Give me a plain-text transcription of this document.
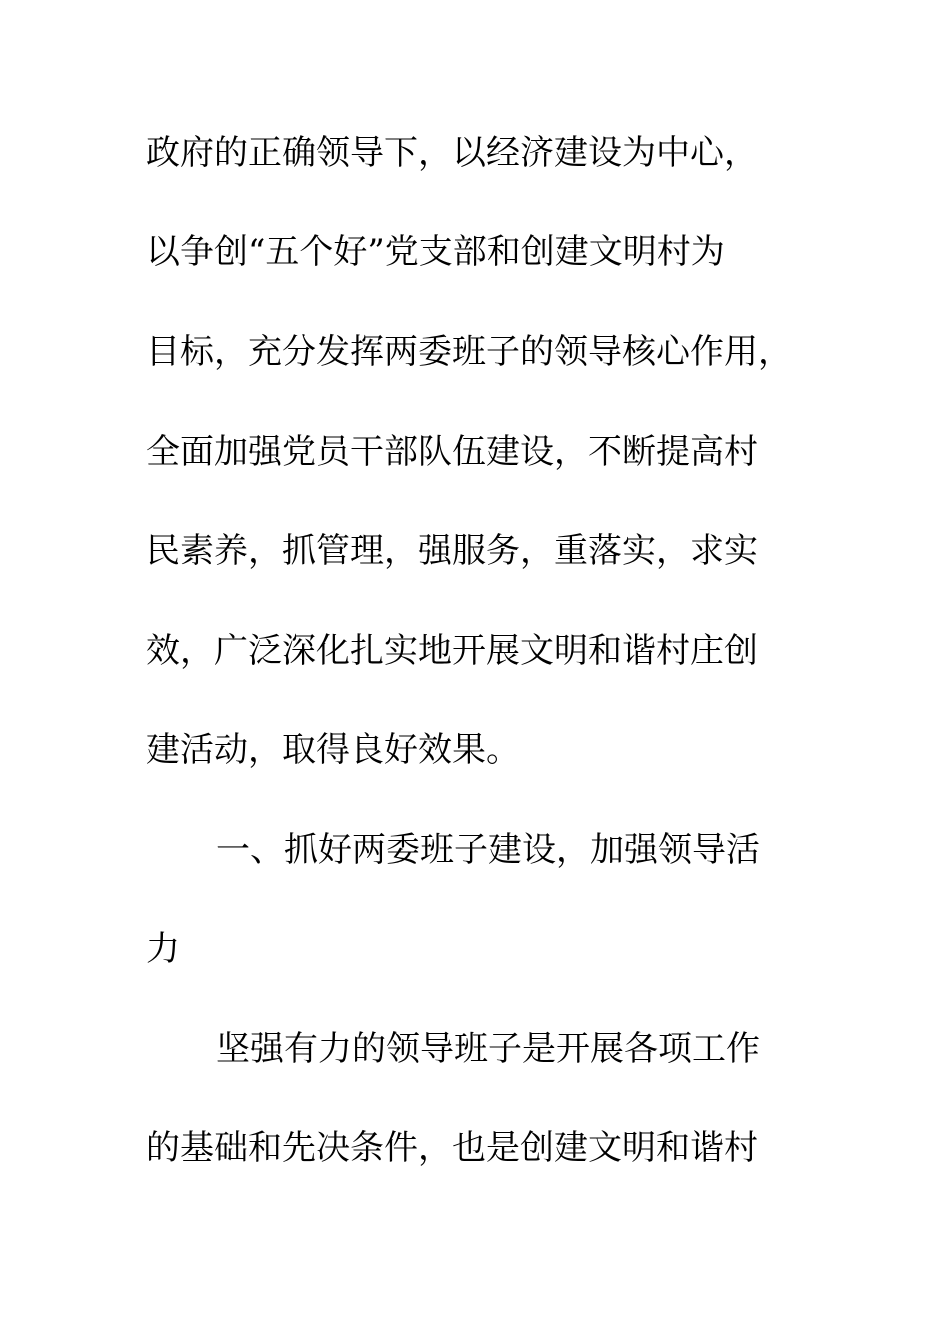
政府的正确领导下，以经济建设为中心，

以争创“五个好”党支部和创建文明村为

目标，充分发挥两委班子的领导核心作用，

全面加强党员干部队伍建设，不断提高村

民素养，抓管理，强服务，重落实，求实

效，广泛深化扎实地开展文明和谐村庄创

建活动，取得良好效果。

一、抓好两委班子建设，加强领导活

力

坚强有力的领导班子是开展各项工作

的基础和先决条件，也是创建文明和谐村
